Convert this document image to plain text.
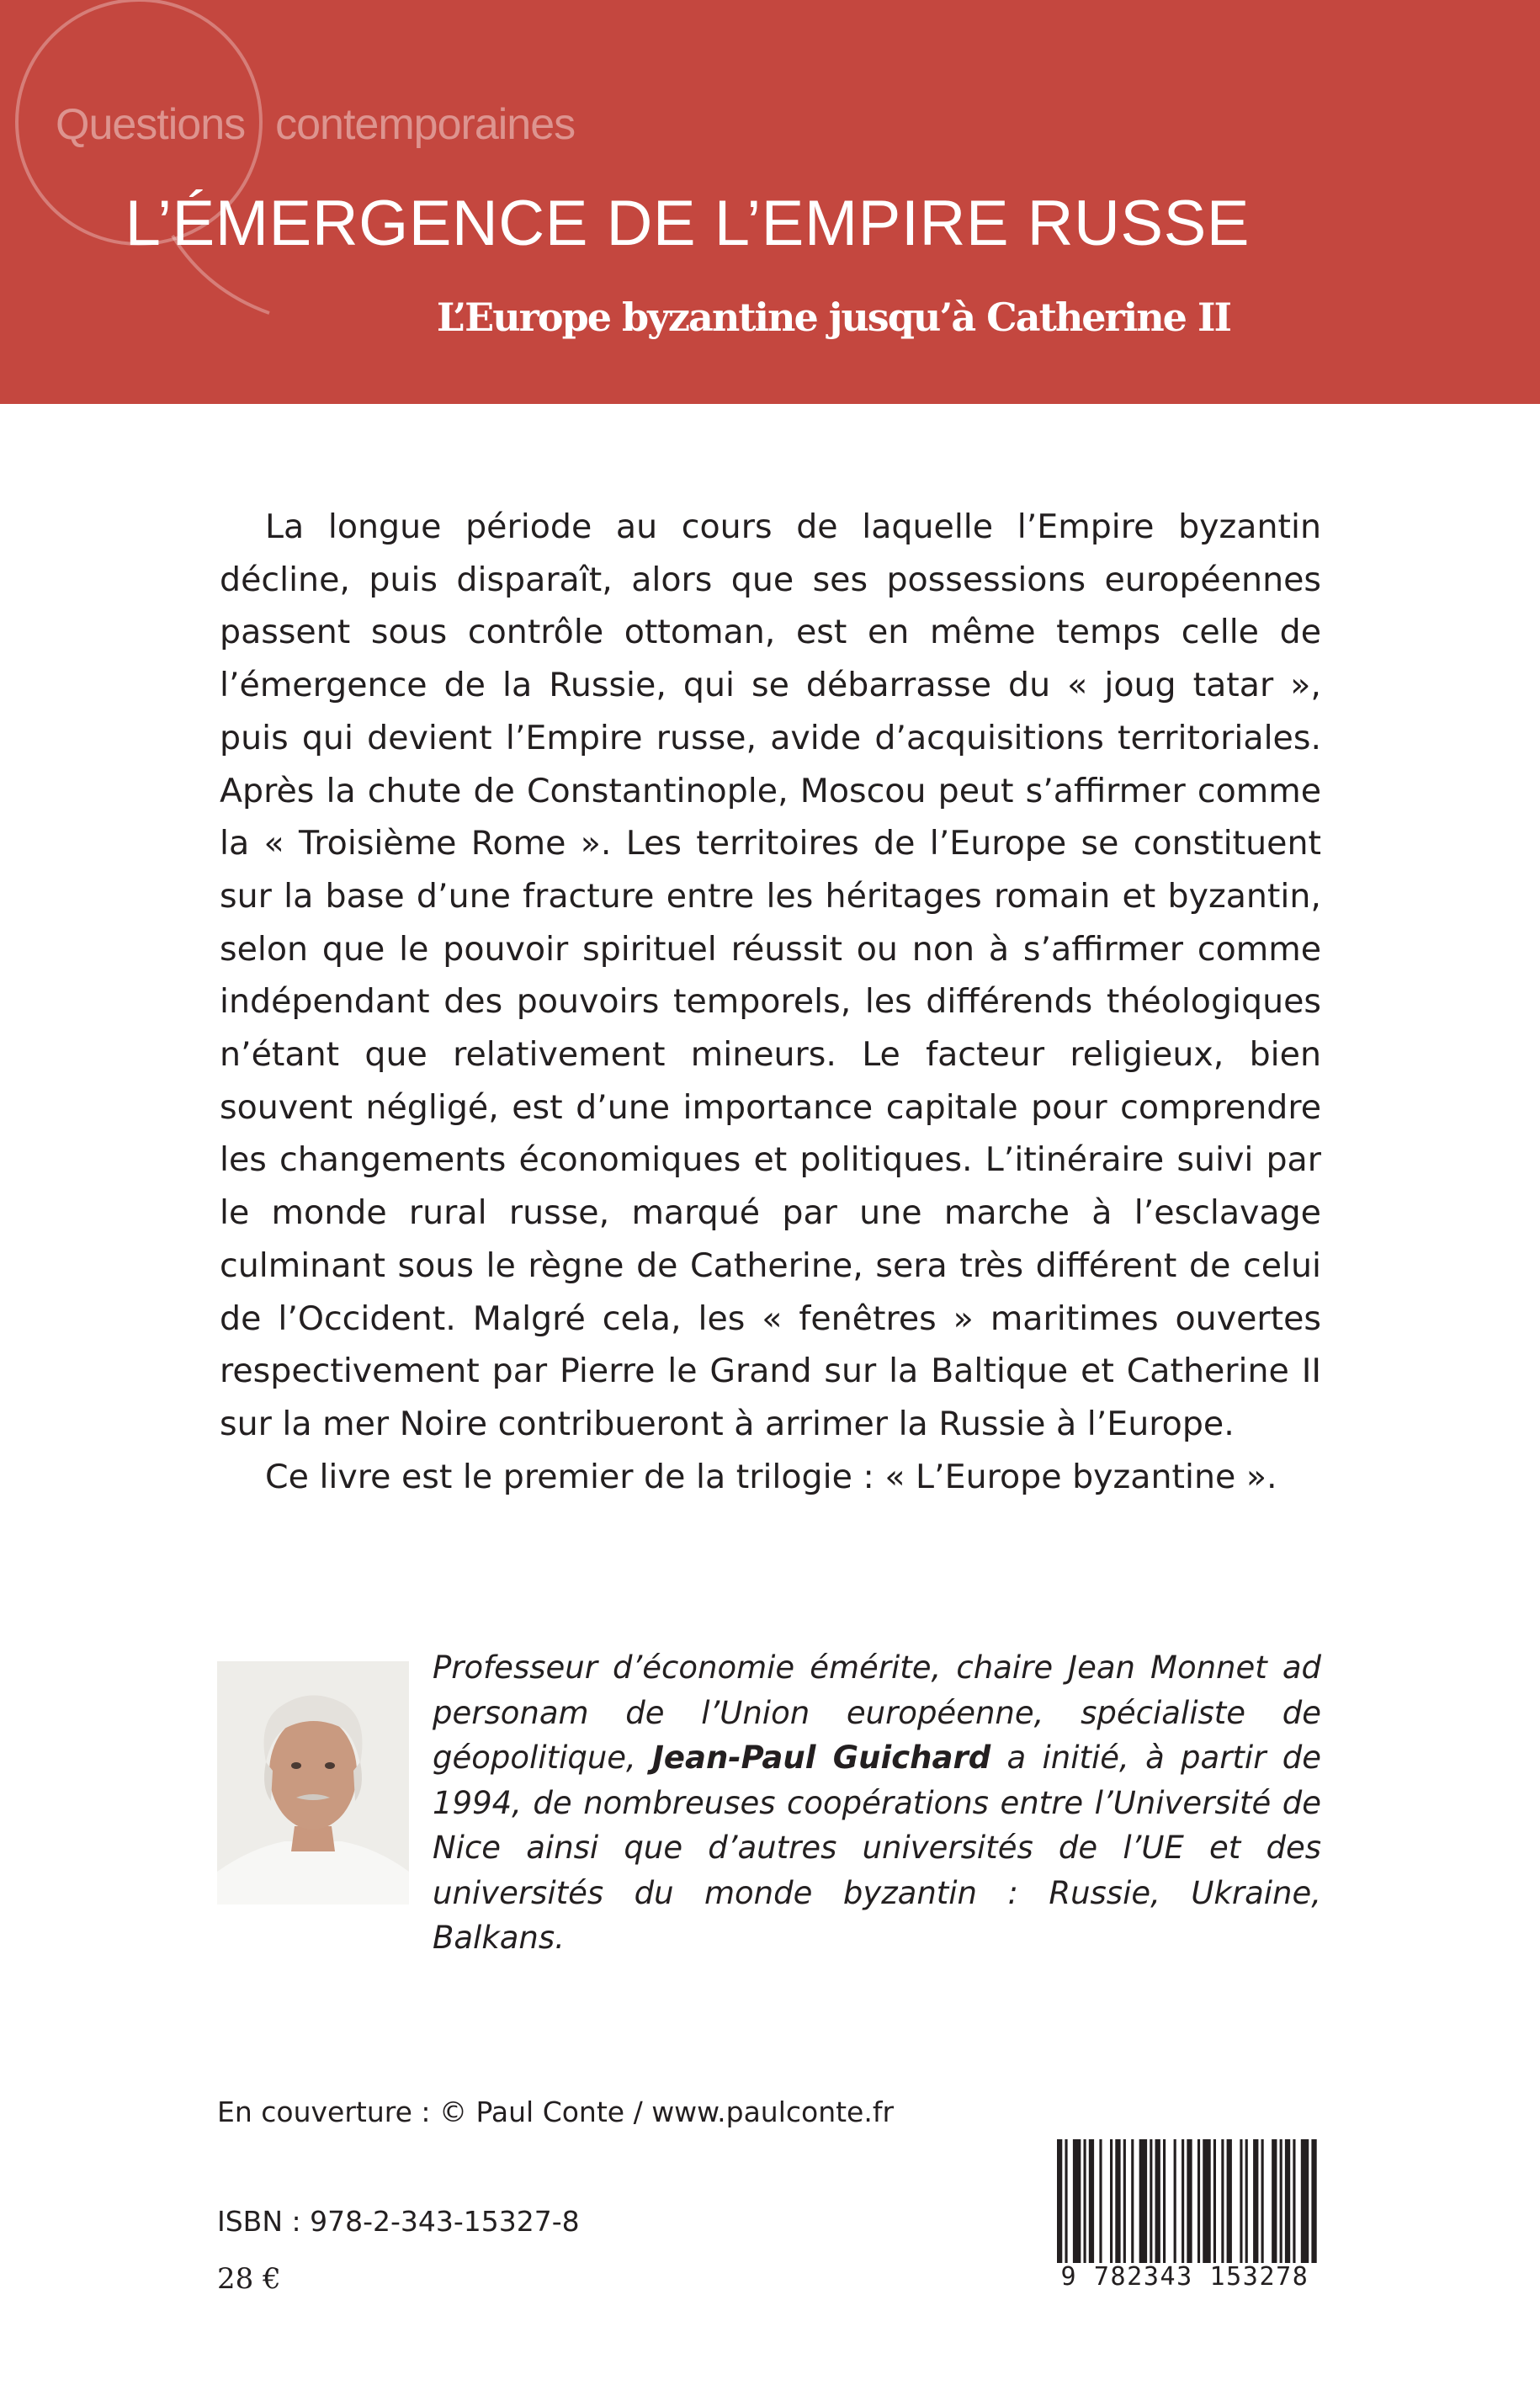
Questions contemporaines
L’ÉMERGENCE DE L’EMPIRE RUSSE
L’Europe byzantine jusqu’à Catherine II

La longue période au cours de laquelle l’Empire byzantin décline, puis disparaît, alors que ses possessions européennes passent sous contrôle ottoman, est en même temps celle de l’émergence de la Russie, qui se débarrasse du « joug tatar », puis qui devient l’Empire russe, avide d’acquisitions territoriales. Après la chute de Constantinople, Moscou peut s’affirmer comme la « Troisième Rome ». Les territoires de l’Europe se constituent sur la base d’une fracture entre les héritages romain et byzantin, selon que le pouvoir spirituel réussit ou non à s’affirmer comme indépendant des pouvoirs temporels, les différends théologiques n’étant que relativement mineurs. Le facteur religieux, bien souvent négligé, est d’une importance capitale pour comprendre les changements économiques et politiques. L’itinéraire suivi par le monde rural russe, marqué par une marche à l’esclavage culminant sous le règne de Catherine, sera très différent de celui de l’Occident. Malgré cela, les « fenêtres » maritimes ouvertes respectivement par Pierre le Grand sur la Baltique et Catherine II sur la mer Noire contribueront à arrimer la Russie à l’Europe.

Ce livre est le premier de la trilogie : « L’Europe byzantine ».

Professeur d’économie émérite, chaire Jean Monnet ad personam de l’Union européenne, spécialiste de géopolitique, Jean-Paul Guichard a initié, à partir de 1994, de nombreuses coopérations entre l’Université de Nice ainsi que d’autres universités de l’UE et des universités du monde byzantin : Russie, Ukraine, Balkans.
En couverture : © Paul Conte / www.paulconte.fr
ISBN : 978-2-343-15327-8
28 €	9 782343 153278
